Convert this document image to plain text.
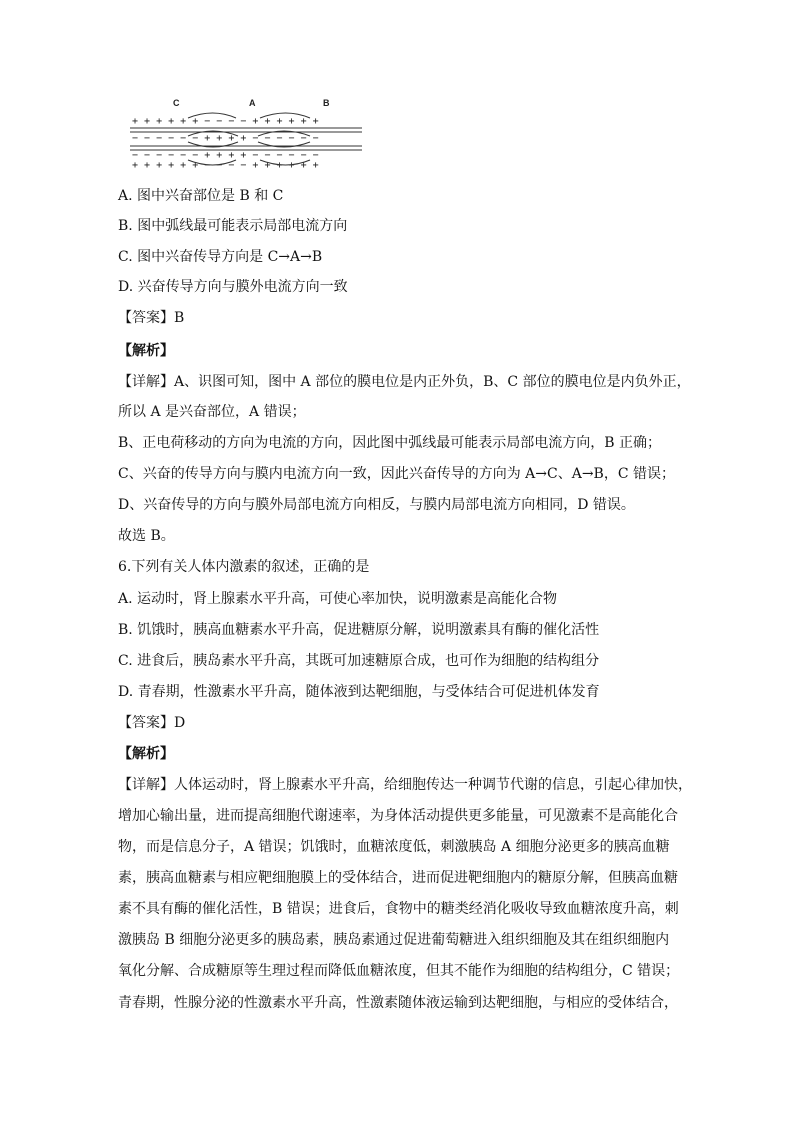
C	A	B
+ + + + + + − − − − + + + + + +
− − − − − − + + + + − − − − − −
− − − − − − + + + + − − − − − −
+ + + + + + − − − − + + + + + +
A. 图中兴奋部位是 B 和 C
B. 图中弧线最可能表示局部电流方向
C. 图中兴奋传导方向是 C→A→B
D. 兴奋传导方向与膜外电流方向一致
【答案】B
【解析】
【详解】A、识图可知，图中 A 部位的膜电位是内正外负，B、C 部位的膜电位是内负外正，
所以 A 是兴奋部位，A 错误；
B、正电荷移动的方向为电流的方向，因此图中弧线最可能表示局部电流方向，B 正确；
C、兴奋的传导方向与膜内电流方向一致，因此兴奋传导的方向为 A→C、A→B，C 错误；
D、兴奋传导的方向与膜外局部电流方向相反，与膜内局部电流方向相同，D 错误。
故选 B。
6.下列有关人体内激素的叙述，正确的是
A. 运动时，肾上腺素水平升高，可使心率加快，说明激素是高能化合物
B. 饥饿时，胰高血糖素水平升高，促进糖原分解，说明激素具有酶的催化活性
C. 进食后，胰岛素水平升高，其既可加速糖原合成，也可作为细胞的结构组分
D. 青春期，性激素水平升高，随体液到达靶细胞，与受体结合可促进机体发育
【答案】D
【解析】
【详解】人体运动时，肾上腺素水平升高，给细胞传达一种调节代谢的信息，引起心律加快，
增加心输出量，进而提高细胞代谢速率，为身体活动提供更多能量，可见激素不是高能化合
物，而是信息分子，A 错误；饥饿时，血糖浓度低，刺激胰岛 A 细胞分泌更多的胰高血糖
素，胰高血糖素与相应靶细胞膜上的受体结合，进而促进靶细胞内的糖原分解，但胰高血糖
素不具有酶的催化活性，B 错误；进食后，食物中的糖类经消化吸收导致血糖浓度升高，刺
激胰岛 B 细胞分泌更多的胰岛素，胰岛素通过促进葡萄糖进入组织细胞及其在组织细胞内
氧化分解、合成糖原等生理过程而降低血糖浓度，但其不能作为细胞的结构组分，C 错误；
青春期，性腺分泌的性激素水平升高，性激素随体液运输到达靶细胞，与相应的受体结合，
